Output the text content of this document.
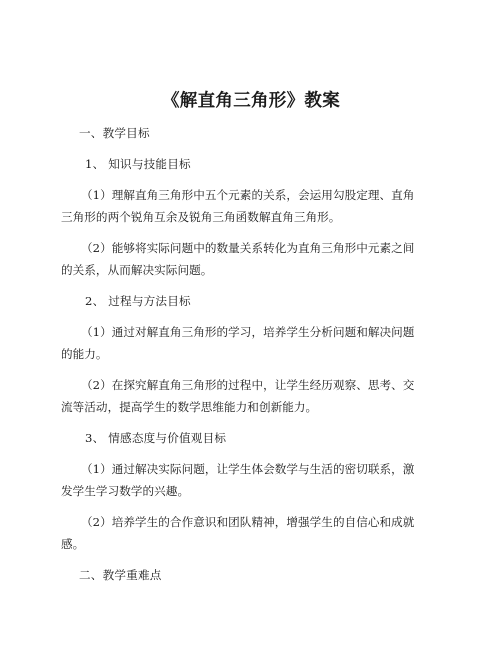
《解直角三角形》教案
一、教学目标
1、 知识与技能目标
（1）理解直角三角形中五个元素的关系，会运用勾股定理、直角
三角形的两个锐角互余及锐角三角函数解直角三角形。
（2）能够将实际问题中的数量关系转化为直角三角形中元素之间
的关系，从而解决实际问题。
2、 过程与方法目标
（1）通过对解直角三角形的学习，培养学生分析问题和解决问题
的能力。
（2）在探究解直角三角形的过程中，让学生经历观察、思考、交
流等活动，提高学生的数学思维能力和创新能力。
3、 情感态度与价值观目标
（1）通过解决实际问题，让学生体会数学与生活的密切联系，激
发学生学习数学的兴趣。
（2）培养学生的合作意识和团队精神，增强学生的自信心和成就
感。
二、教学重难点
